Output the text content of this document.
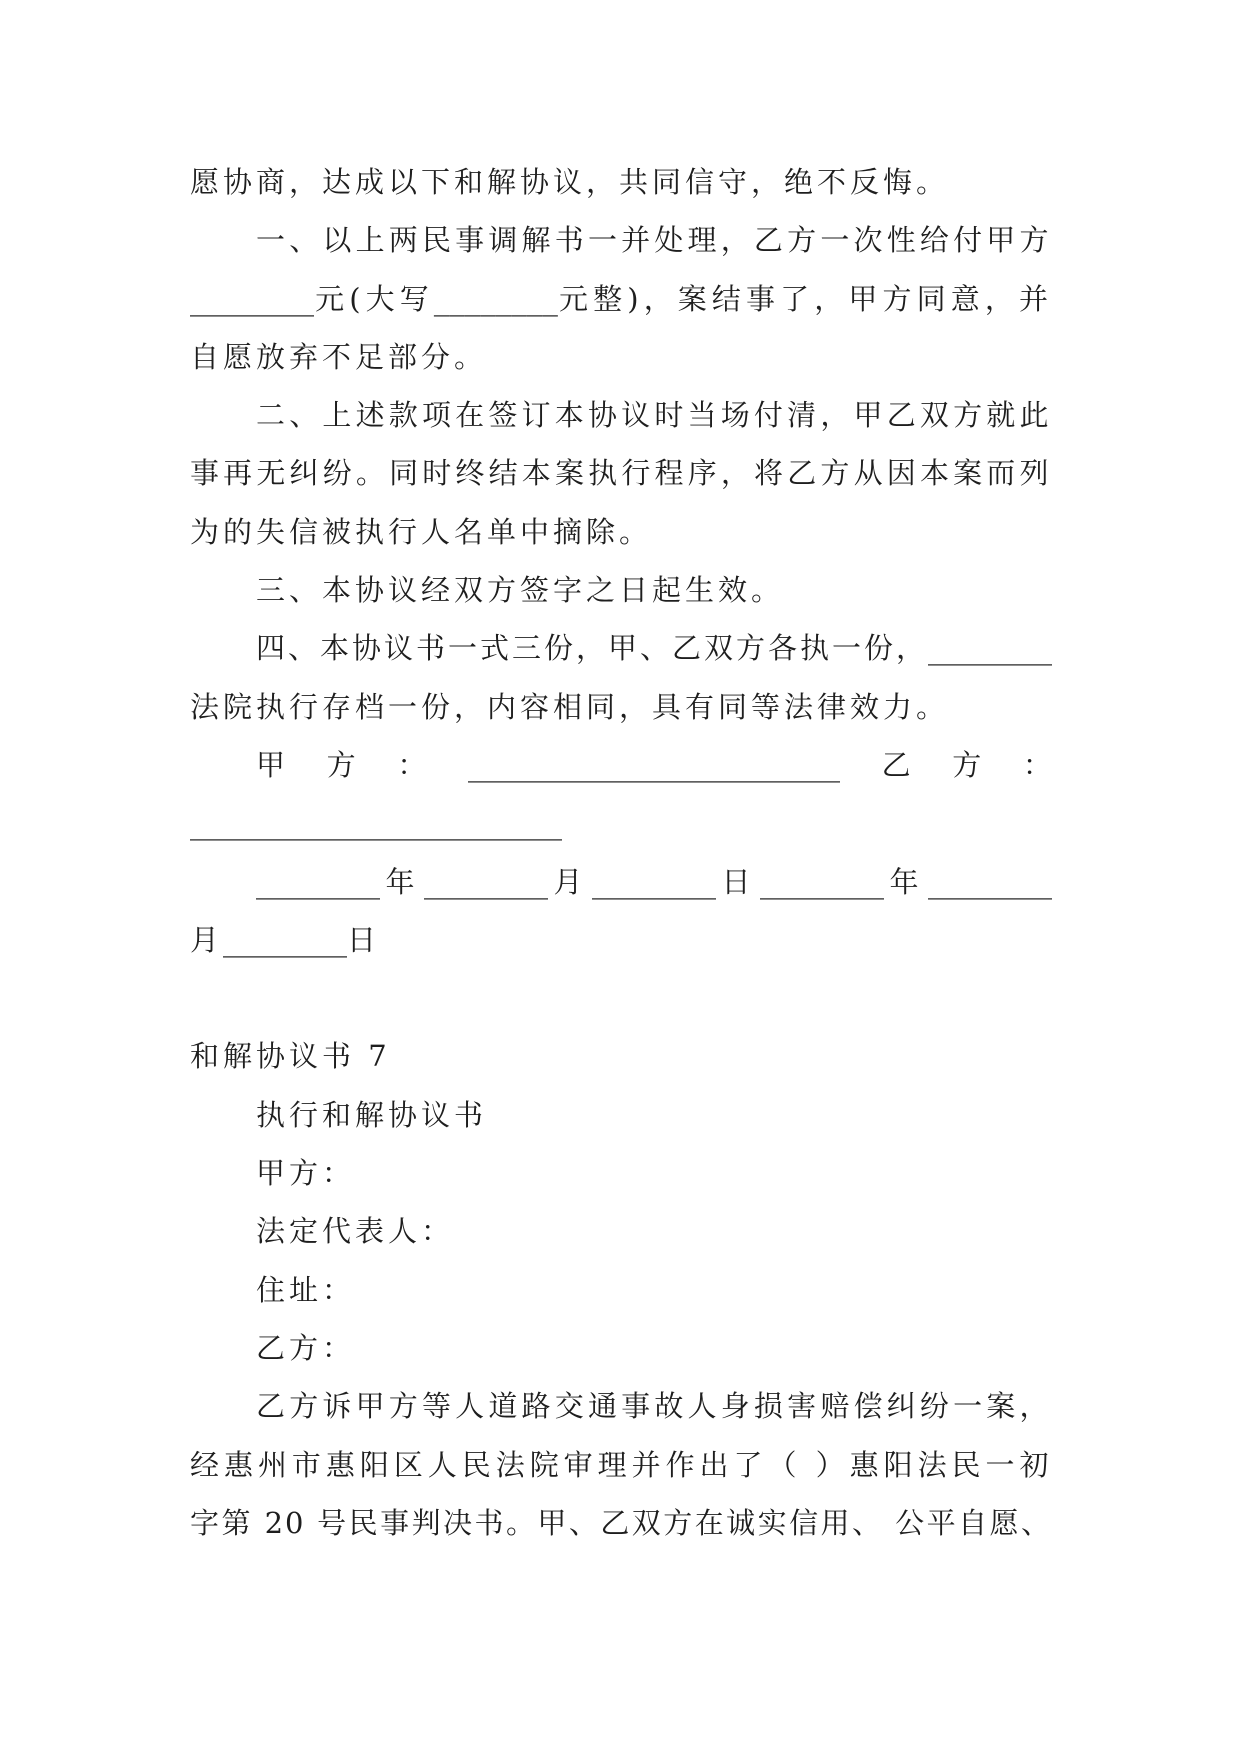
愿协商，达成以下和解协议，共同信守，绝不反悔。
一、以上两民事调解书一并处理，乙方一次性给付甲方
________元(大写________元整)，案结事了，甲方同意，并
自愿放弃不足部分。
二、上述款项在签订本协议时当场付清，甲乙双方就此
事再无纠纷。同时终结本案执行程序，将乙方从因本案而列
为的失信被执行人名单中摘除。
三、本协议经双方签字之日起生效。
四、本协议书一式三份，甲、乙双方各执一份，________
法院执行存档一份，内容相同，具有同等法律效力。
甲 方 ： ________________________ 乙 方 ：
________________________
________年________月________日________年________
月________日
和解协议书 7
执行和解协议书
甲方：
法定代表人：
住址：
乙方：
乙方诉甲方等人道路交通事故人身损害赔偿纠纷一案，
经惠州市惠阳区人民法院审理并作出了（ ）惠阳法民一初
字第 20 号民事判决书。甲、乙双方在诚实信用、 公平自愿、
